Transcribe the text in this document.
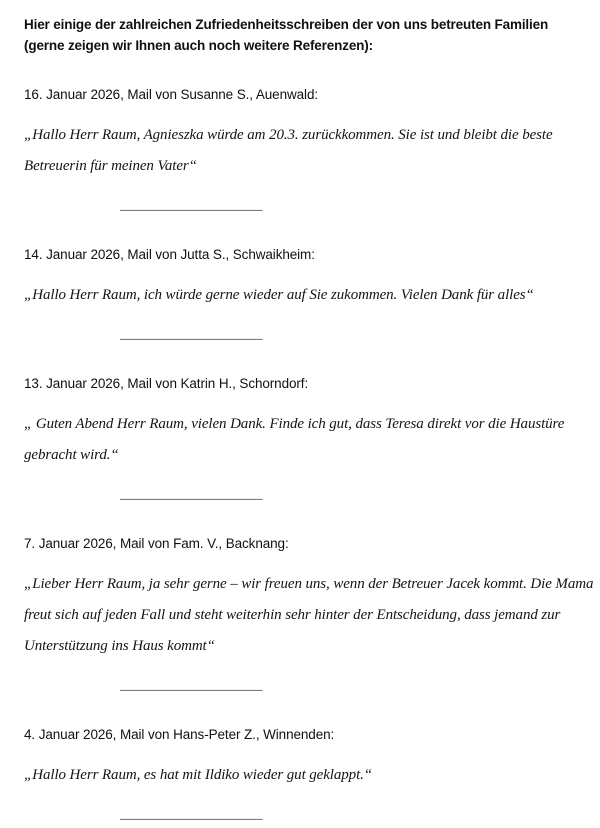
Hier einige der zahlreichen Zufriedenheitsschreiben der von uns betreuten Familien
(gerne zeigen wir Ihnen auch noch weitere Referenzen):
16. Januar 2026, Mail von Susanne S., Auenwald:
„Hallo Herr Raum, Agnieszka würde am 20.3. zurückkommen. Sie ist und bleibt die beste
Betreuerin für meinen Vater“
___________________
14. Januar 2026, Mail von Jutta S., Schwaikheim:
„Hallo Herr Raum, ich würde gerne wieder auf Sie zukommen. Vielen Dank für alles“
___________________
13. Januar 2026, Mail von Katrin H., Schorndorf:
„ Guten Abend Herr Raum, vielen Dank. Finde ich gut, dass Teresa direkt vor die Haustüre
gebracht wird.“
___________________
7. Januar 2026, Mail von Fam. V., Backnang:
„Lieber Herr Raum, ja sehr gerne – wir freuen uns, wenn der Betreuer Jacek kommt. Die Mama
freut sich auf jeden Fall und steht weiterhin sehr hinter der Entscheidung, dass jemand zur
Unterstützung ins Haus kommt“
___________________
4. Januar 2026, Mail von Hans-Peter Z., Winnenden:
„Hallo Herr Raum, es hat mit Ildiko wieder gut geklappt.“
___________________
